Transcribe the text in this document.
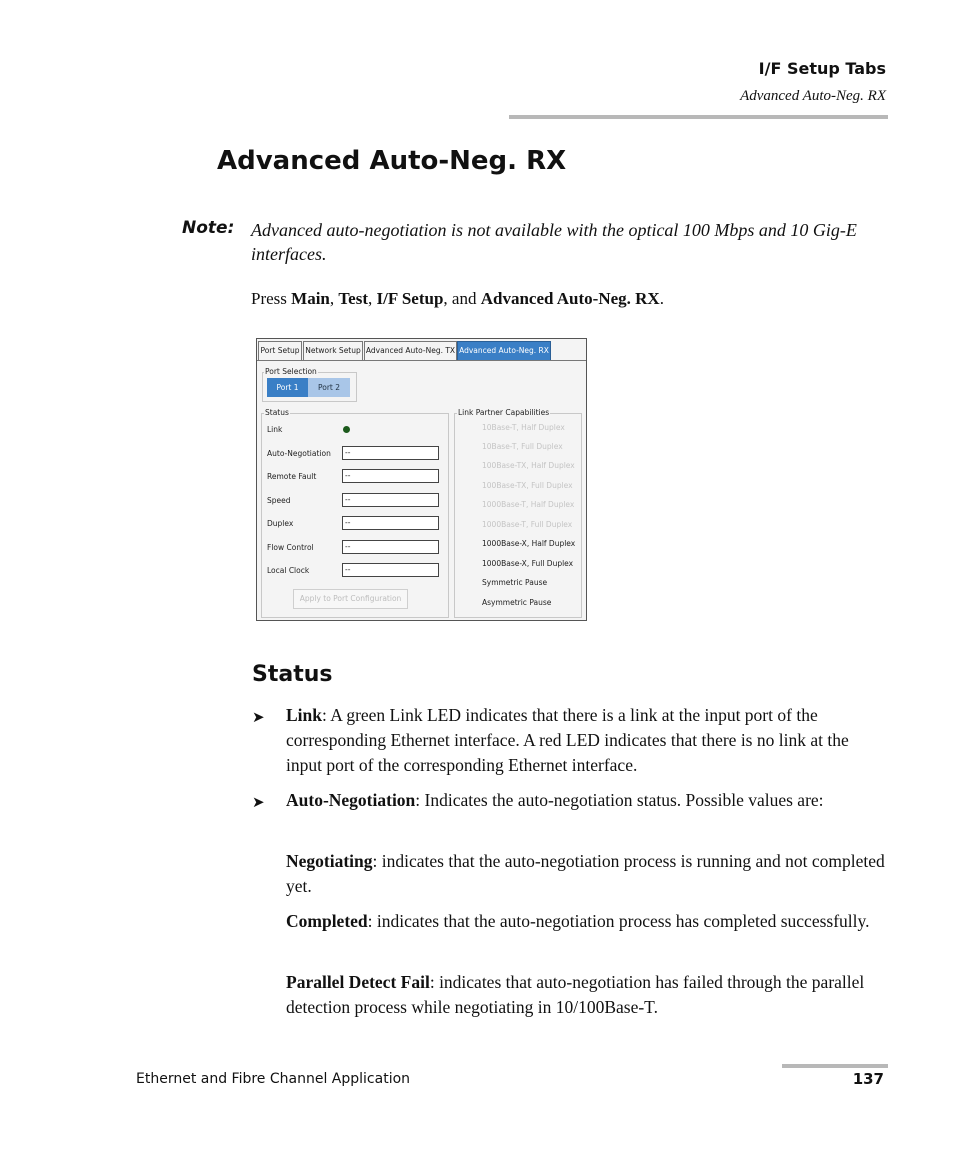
I/F Setup Tabs
Advanced Auto-Neg. RX
Advanced Auto-Neg. RX
Note: Advanced auto-negotiation is not available with the optical 100 Mbps and 10 Gig-E interfaces.
Press Main, Test, I/F Setup, and Advanced Auto-Neg. RX.
Port Setup Network Setup Advanced Auto-Neg. TX Advanced Auto-Neg. RX
Port Selection
Port 1	Port 2
Status
Link
Auto-Negotiation	--
Remote Fault	--
Speed	--
Duplex	--
Flow Control	--
Local Clock	--
Apply to Port Configuration
Link Partner Capabilities
10Base-T, Half Duplex
10Base-T, Full Duplex
100Base-TX, Half Duplex
100Base-TX, Full Duplex
1000Base-T, Half Duplex
1000Base-T, Full Duplex
1000Base-X, Half Duplex
1000Base-X, Full Duplex
Symmetric Pause
Asymmetric Pause
Status
➤ Link: A green Link LED indicates that there is a link at the input port of the corresponding Ethernet interface. A red LED indicates that there is no link at the input port of the corresponding Ethernet interface.
➤ Auto-Negotiation: Indicates the auto-negotiation status. Possible values are:
Negotiating: indicates that the auto-negotiation process is running and not completed yet.
Completed: indicates that the auto-negotiation process has completed successfully.
Parallel Detect Fail: indicates that auto-negotiation has failed through the parallel detection process while negotiating in 10/100Base-T.
Ethernet and Fibre Channel Application	137
